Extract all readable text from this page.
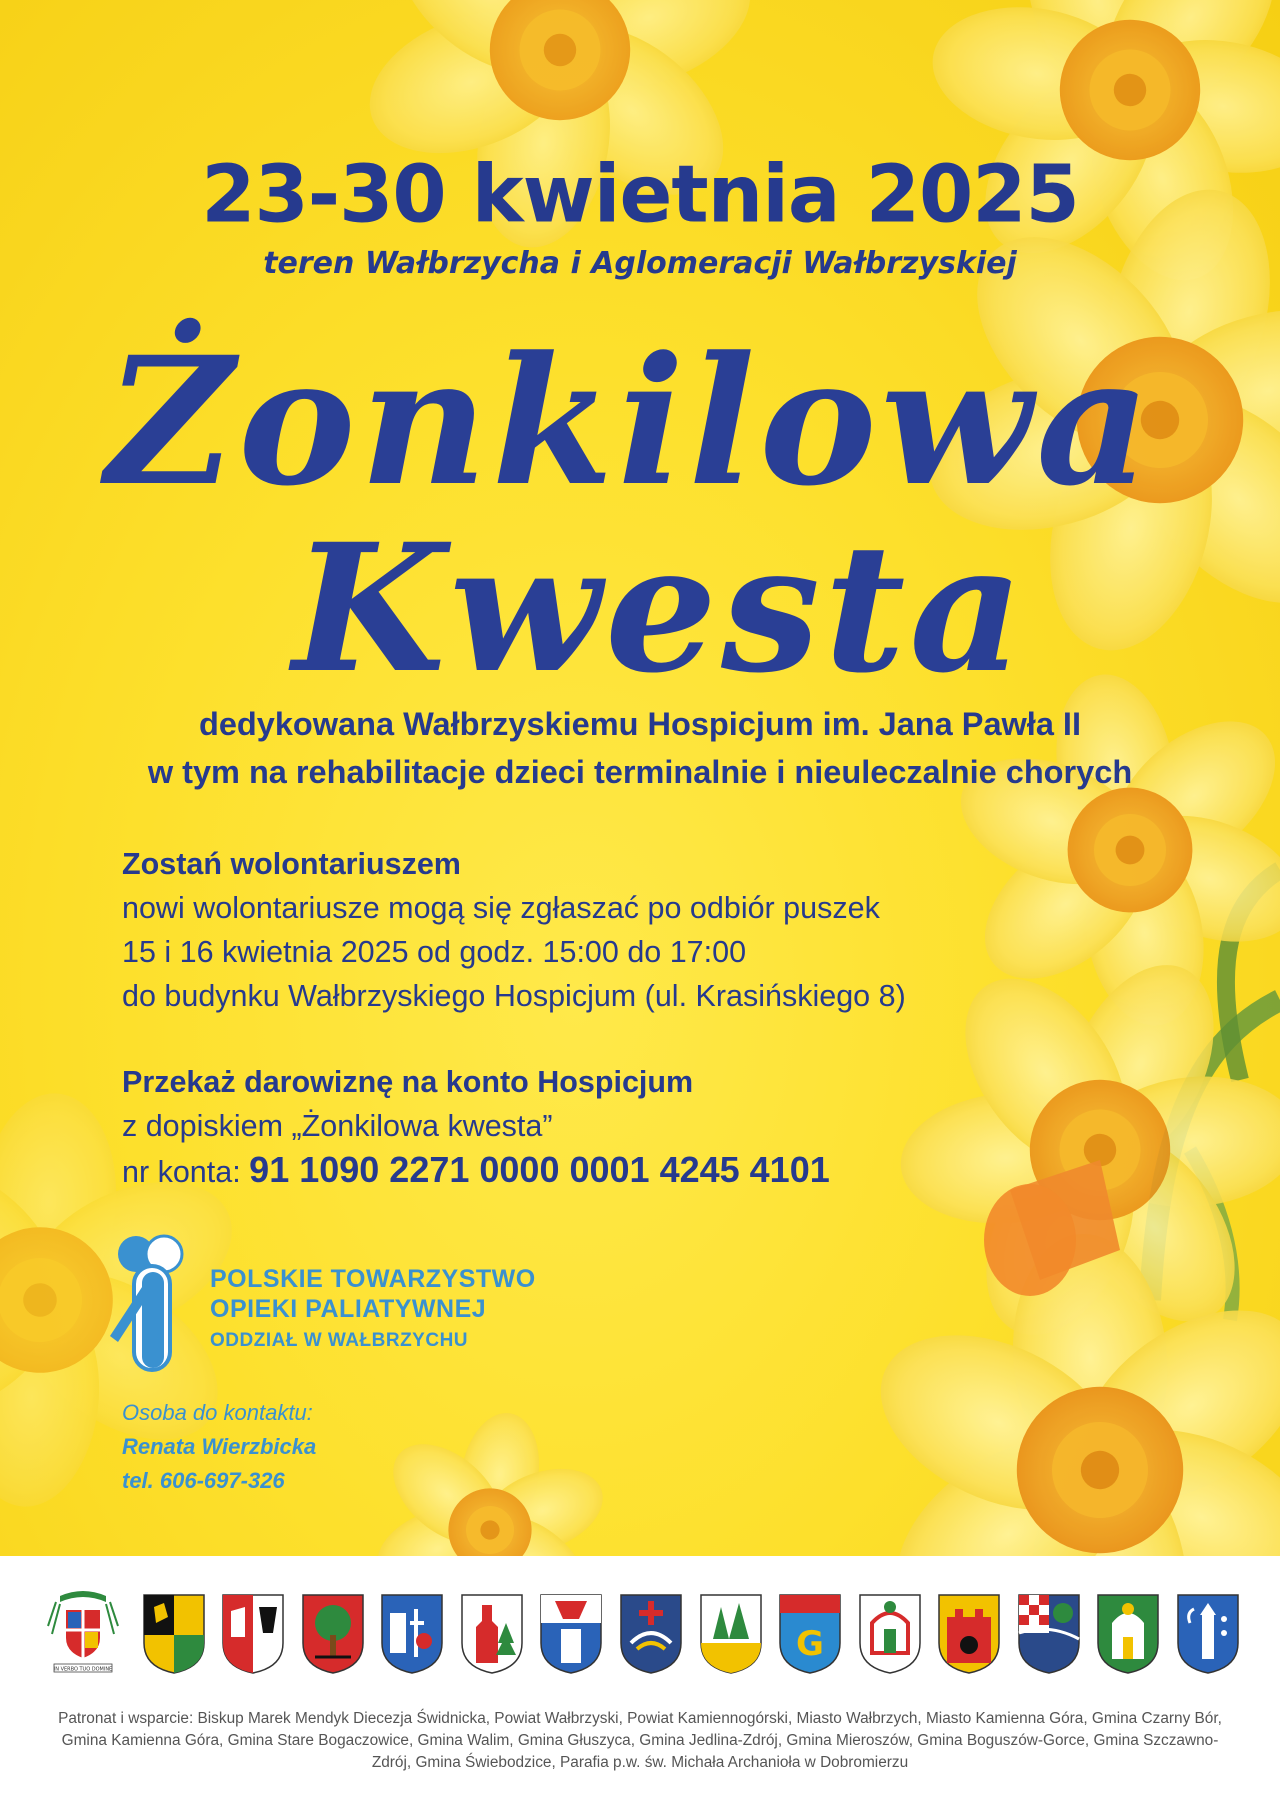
23-30 kwietnia 2025
teren Wałbrzycha i Aglomeracji Wałbrzyskiej
Żonkilowa
Kwesta
dedykowana Wałbrzyskiemu Hospicjum im. Jana Pawła II
w tym na rehabilitacje dzieci terminalnie i nieuleczalnie chorych
Zostań wolontariuszem
nowi wolontariusze mogą się zgłaszać po odbiór puszek
15 i 16 kwietnia 2025 od godz. 15:00 do 17:00
do budynku Wałbrzyskiego Hospicjum (ul. Krasińskiego 8)
Przekaż darowiznę na konto Hospicjum
z dopiskiem „Żonkilowa kwesta”
nr konta: 91 1090 2271 0000 0001 4245 4101
POLSKIE TOWARZYSTWO
OPIEKI PALIATYWNEJ
ODDZIAŁ W WAŁBRZYCHU
Osoba do kontaktu:
Renata Wierzbicka
tel. 606-697-326
IN VERBO TUO DOMINE
G
Patronat i wsparcie: Biskup Marek Mendyk Diecezja Świdnicka, Powiat Wałbrzyski, Powiat Kamiennogórski, Miasto Wałbrzych, Miasto Kamienna Góra, Gmina Czarny Bór, Gmina Kamienna Góra, Gmina Stare Bogaczowice, Gmina Walim, Gmina Głuszyca, Gmina Jedlina-Zdrój, Gmina Mieroszów, Gmina Boguszów-Gorce, Gmina Szczawno-Zdrój, Gmina Świebodzice, Parafia p.w. św. Michała Archanioła w Dobromierzu
